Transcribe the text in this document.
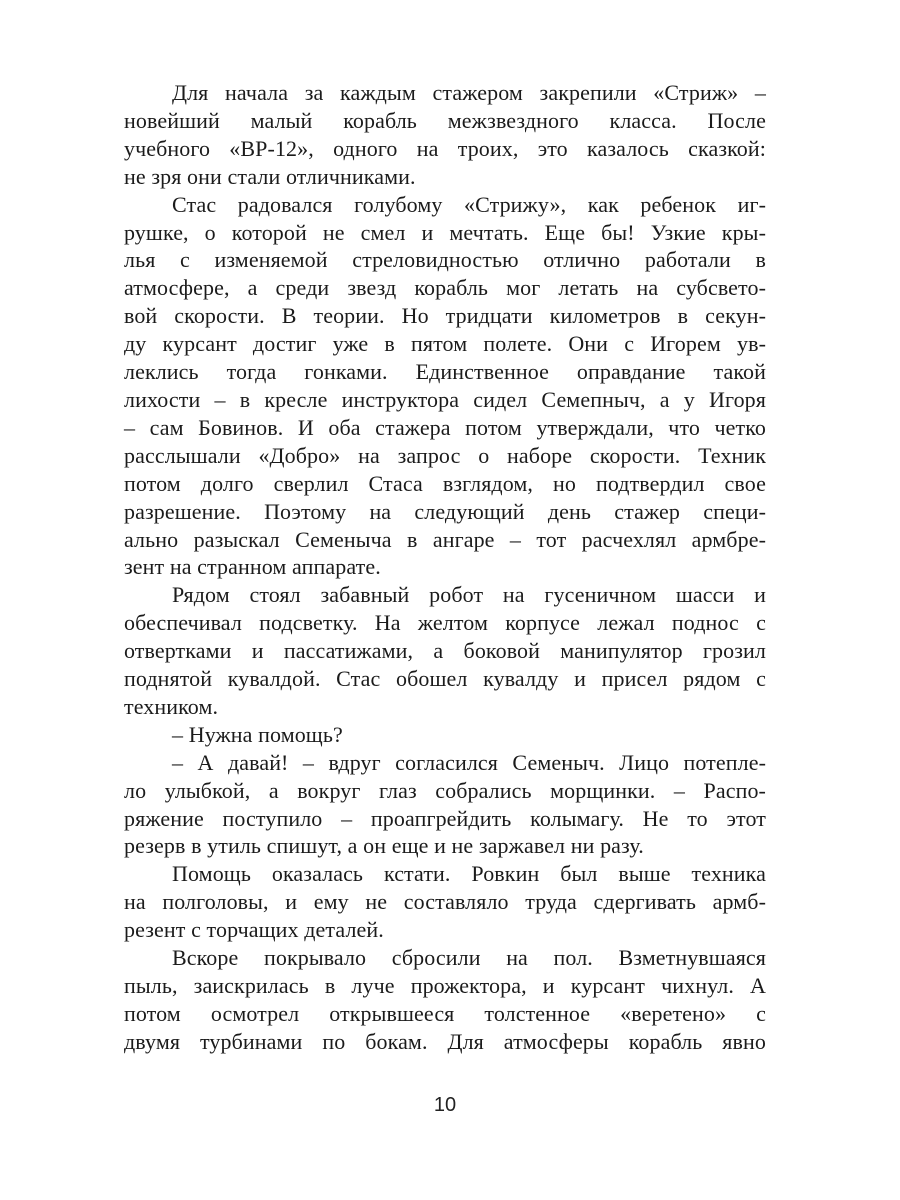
Для начала за каждым стажером закрепили «Стриж» –
новейший малый корабль межзвездного класса. После
учебного «ВР-12», одного на троих, это казалось сказкой:
не зря они стали отличниками.
Стас радовался голубому «Стрижу», как ребенок иг-
рушке, о которой не смел и мечтать. Еще бы! Узкие кры-
лья с изменяемой стреловидностью отлично работали в
атмосфере, а среди звезд корабль мог летать на субсвето-
вой скорости. В теории. Но тридцати километров в секун-
ду курсант достиг уже в пятом полете. Они с Игорем ув-
леклись тогда гонками. Единственное оправдание такой
лихости – в кресле инструктора сидел Семепныч, а у Игоря
– сам Бовинов. И оба стажера потом утверждали, что четко
расслышали «Добро» на запрос о наборе скорости. Техник
потом долго сверлил Стаса взглядом, но подтвердил свое
разрешение. Поэтому на следующий день стажер специ-
ально разыскал Семеныча в ангаре – тот расчехлял армбре-
зент на странном аппарате.
Рядом стоял забавный робот на гусеничном шасси и
обеспечивал подсветку. На желтом корпусе лежал поднос с
отвертками и пассатижами, а боковой манипулятор грозил
поднятой кувалдой. Стас обошел кувалду и присел рядом с
техником.
– Нужна помощь?
– А давай! – вдруг согласился Семеныч. Лицо потепле-
ло улыбкой, а вокруг глаз собрались морщинки. – Распо-
ряжение поступило – проапгрейдить колымагу. Не то этот
резерв в утиль спишут, а он еще и не заржавел ни разу.
Помощь оказалась кстати. Ровкин был выше техника
на полголовы, и ему не составляло труда сдергивать армб-
резент с торчащих деталей.
Вскоре покрывало сбросили на пол. Взметнувшаяся
пыль, заискрилась в луче прожектора, и курсант чихнул. А
потом осмотрел открывшееся толстенное «веретено» с
двумя турбинами по бокам. Для атмосферы корабль явно
10
